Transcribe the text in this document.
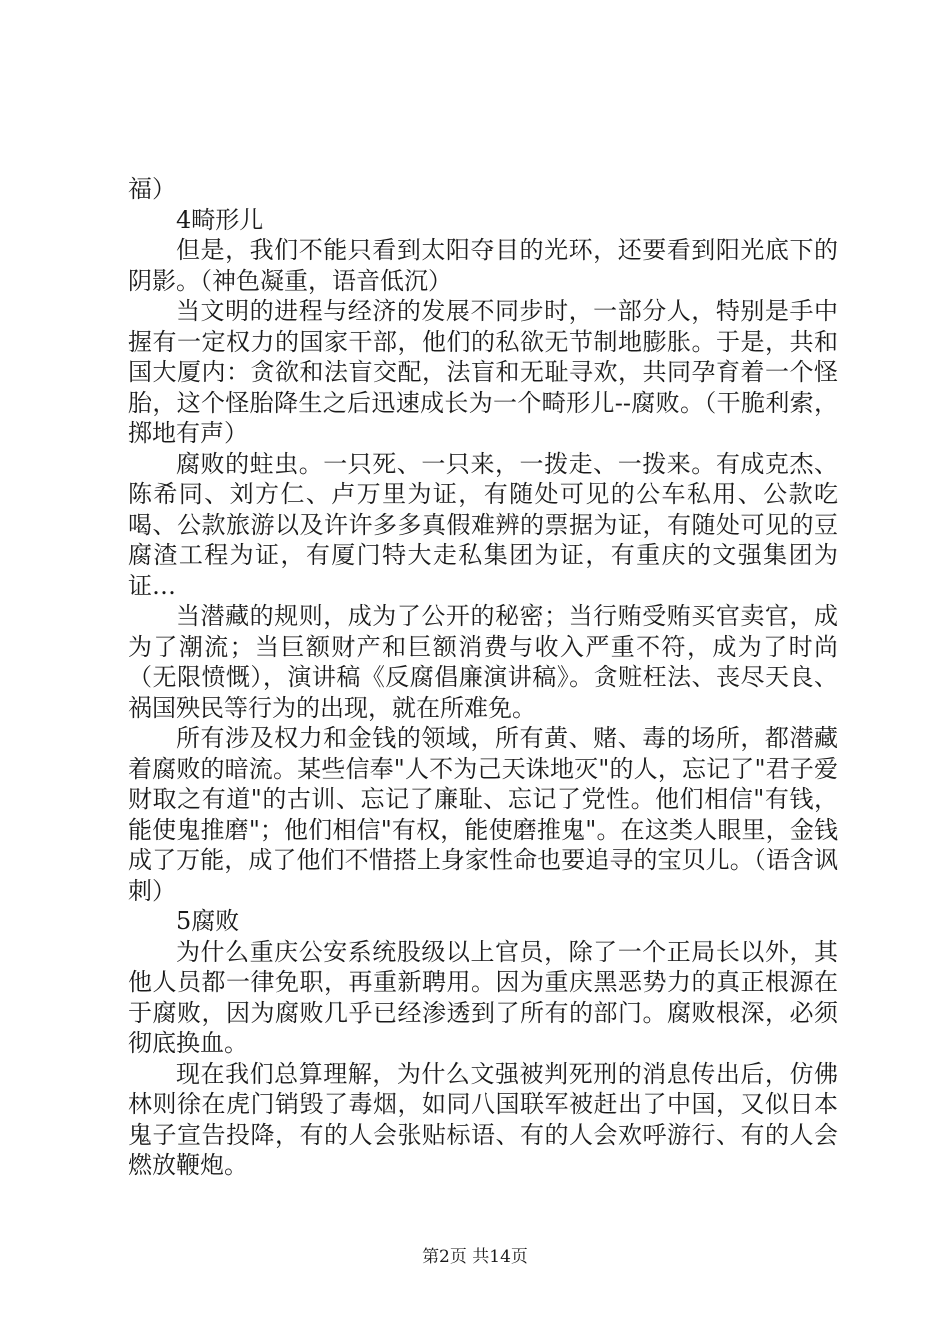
福）

4畸形儿

但是，我们不能只看到太阳夺目的光环，还要看到阳光底下的阴影。（神色凝重，语音低沉）

当文明的进程与经济的发展不同步时，一部分人，特别是手中握有一定权力的国家干部，他们的私欲无节制地膨胀。于是，共和国大厦内：贪欲和法盲交配，法盲和无耻寻欢，共同孕育着一个怪胎，这个怪胎降生之后迅速成长为一个畸形儿--腐败。（干脆利索，掷地有声）

腐败的蛀虫。一只死、一只来，一拨走、一拨来。有成克杰、陈希同、刘方仁、卢万里为证，有随处可见的公车私用、公款吃喝、公款旅游以及许许多多真假难辨的票据为证，有随处可见的豆腐渣工程为证，有厦门特大走私集团为证，有重庆的文强集团为证…

当潜藏的规则，成为了公开的秘密；当行贿受贿买官卖官，成为了潮流；当巨额财产和巨额消费与收入严重不符，成为了时尚（无限愤慨），演讲稿《反腐倡廉演讲稿》。贪赃枉法、丧尽天良、祸国殃民等行为的出现，就在所难免。

所有涉及权力和金钱的领域，所有黄、赌、毒的场所，都潜藏着腐败的暗流。某些信奉"人不为己天诛地灭"的人，忘记了"君子爱财取之有道"的古训、忘记了廉耻、忘记了党性。他们相信"有钱，能使鬼推磨"；他们相信"有权，能使磨推鬼"。在这类人眼里，金钱成了万能，成了他们不惜搭上身家性命也要追寻的宝贝儿。（语含讽刺）

5腐败

为什么重庆公安系统股级以上官员，除了一个正局长以外，其他人员都一律免职，再重新聘用。因为重庆黑恶势力的真正根源在于腐败，因为腐败几乎已经渗透到了所有的部门。腐败根深，必须彻底换血。

现在我们总算理解，为什么文强被判死刑的消息传出后，仿佛林则徐在虎门销毁了毒烟，如同八国联军被赶出了中国，又似日本鬼子宣告投降，有的人会张贴标语、有的人会欢呼游行、有的人会燃放鞭炮。

第2页 共14页
